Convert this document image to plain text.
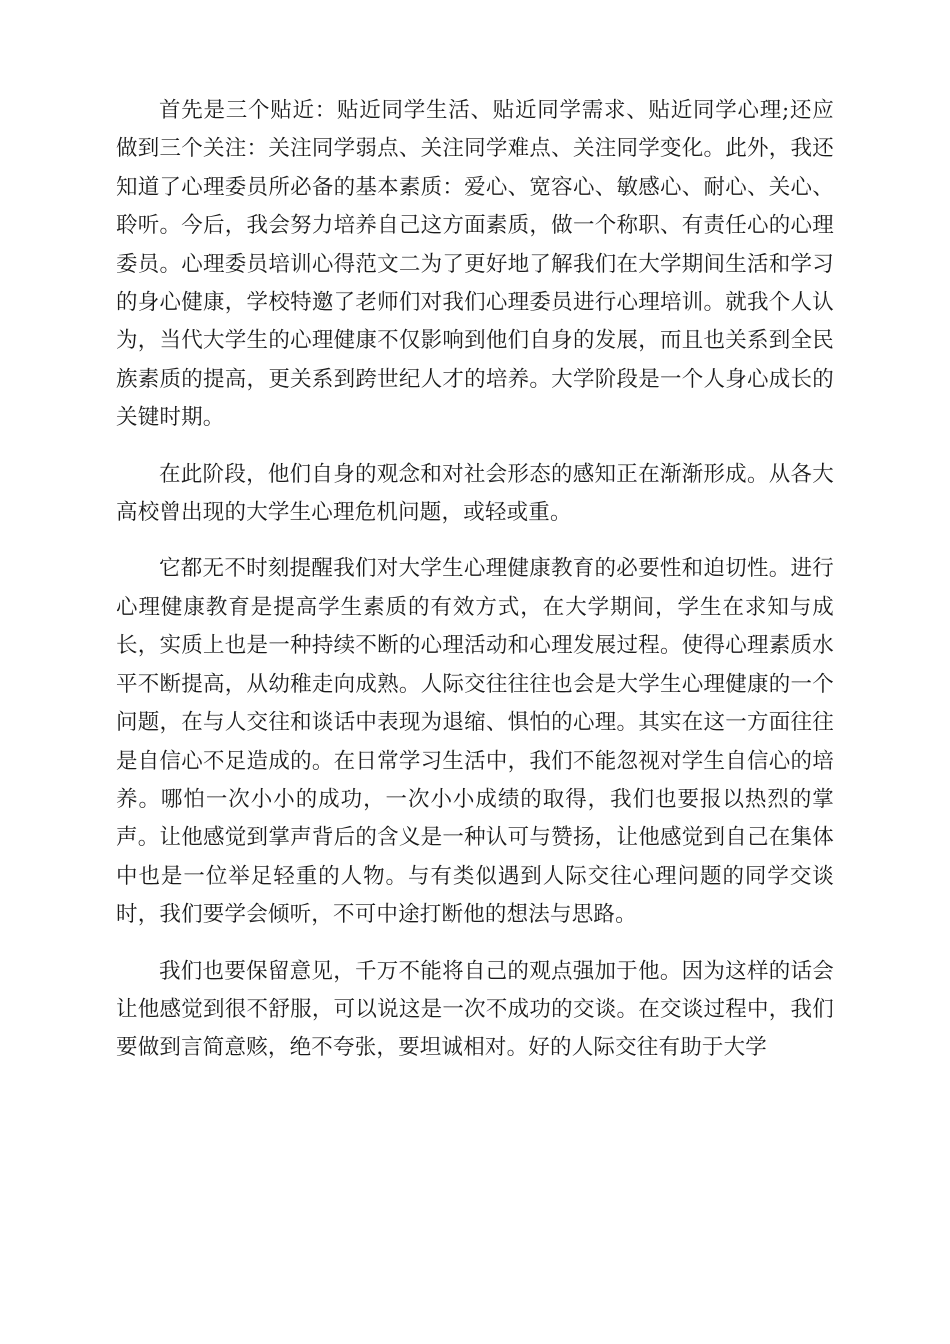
首先是三个贴近：贴近同学生活、贴近同学需求、贴近同学心理;还应做到三个关注：关注同学弱点、关注同学难点、关注同学变化。此外，我还知道了心理委员所必备的基本素质：爱心、宽容心、敏感心、耐心、关心、聆听。今后，我会努力培养自己这方面素质，做一个称职、有责任心的心理委员。心理委员培训心得范文二为了更好地了解我们在大学期间生活和学习的身心健康，学校特邀了老师们对我们心理委员进行心理培训。就我个人认为，当代大学生的心理健康不仅影响到他们自身的发展，而且也关系到全民族素质的提高，更关系到跨世纪人才的培养。大学阶段是一个人身心成长的关键时期。

在此阶段，他们自身的观念和对社会形态的感知正在渐渐形成。从各大高校曾出现的大学生心理危机问题，或轻或重。

它都无不时刻提醒我们对大学生心理健康教育的必要性和迫切性。进行心理健康教育是提高学生素质的有效方式，在大学期间，学生在求知与成长，实质上也是一种持续不断的心理活动和心理发展过程。使得心理素质水平不断提高，从幼稚走向成熟。人际交往往往也会是大学生心理健康的一个问题，在与人交往和谈话中表现为退缩、惧怕的心理。其实在这一方面往往是自信心不足造成的。在日常学习生活中，我们不能忽视对学生自信心的培养。哪怕一次小小的成功，一次小小成绩的取得，我们也要报以热烈的掌声。让他感觉到掌声背后的含义是一种认可与赞扬，让他感觉到自己在集体中也是一位举足轻重的人物。与有类似遇到人际交往心理问题的同学交谈时，我们要学会倾听，不可中途打断他的想法与思路。

我们也要保留意见，千万不能将自己的观点强加于他。因为这样的话会让他感觉到很不舒服，可以说这是一次不成功的交谈。在交谈过程中，我们要做到言简意赅，绝不夸张，要坦诚相对。好的人际交往有助于大学
